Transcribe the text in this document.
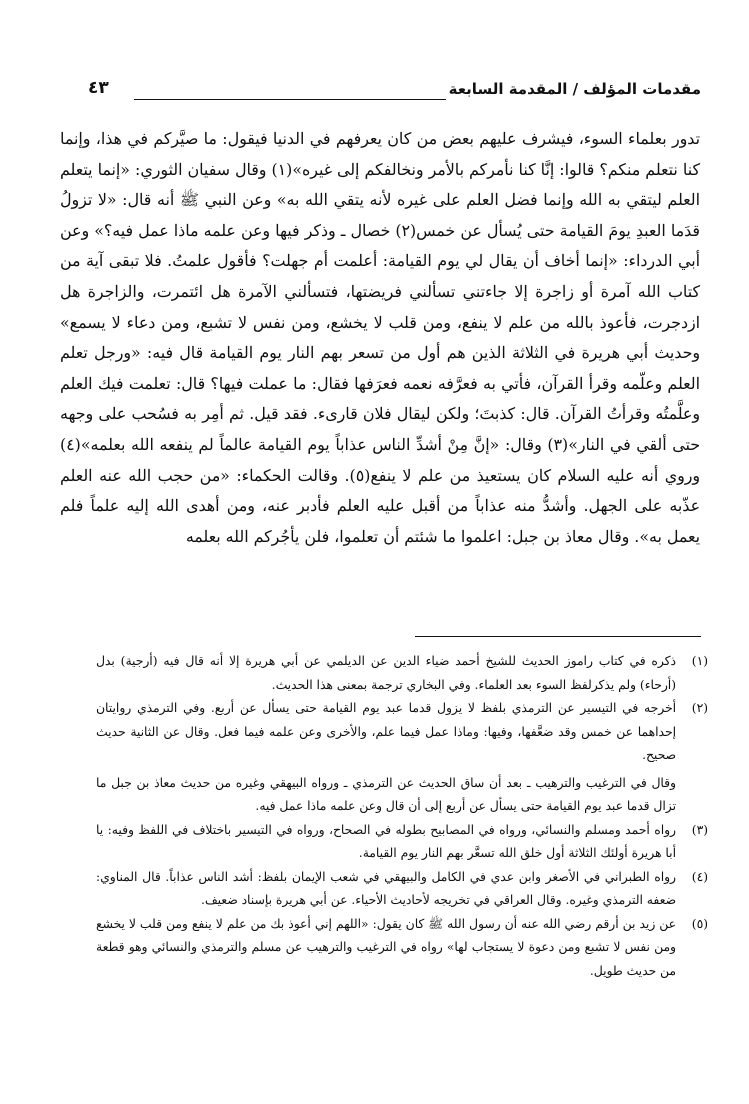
مقدمات المؤلف / المقدمة السابعة
٤٣

تدور بعلماء السوء، فيشرف عليهم بعض من كان يعرفهم في الدنيا فيقول: ما صيَّركم في هذا، وإنما كنا نتعلم منكم؟ قالوا: إنَّا كنا نأمركم بالأمر ونخالفكم إلى غيره»(١) وقال سفيان الثوري: «إنما يتعلم العلم ليتقي به الله وإنما فضل العلم على غيره لأنه يتقي الله به» وعن النبي ﷺ أنه قال: «لا تزولُ قدَما العبدِ يومَ القيامة حتى يُسأل عن خمس(٢) خصال ـ وذكر فيها وعن علمه ماذا عمل فيه؟» وعن أبي الدرداء: «إنما أخاف أن يقال لي يوم القيامة: أعلمت أم جهلت؟ فأقول علمتُ. فلا تبقى آية من كتاب الله آمرة أو زاجرة إلا جاءتني تسألني فريضتها، فتسألني الآمرة هل ائتمرت، والزاجرة هل ازدجرت، فأعوذ بالله من علم لا ينفع، ومن قلب لا يخشع، ومن نفس لا تشبع، ومن دعاء لا يسمع» وحديث أبي هريرة في الثلاثة الذين هم أول من تسعر بهم النار يوم القيامة قال فيه: «ورجل تعلم العلم وعلّمه وقرأ القرآن، فأتي به فعرَّفه نعمه فعرَفها فقال: ما عملت فيها؟ قال: تعلمت فيك العلم وعلَّمتُه وقرأتُ القرآن. قال: كذبتَ؛ ولكن ليقال فلان قارىء. فقد قيل. ثم أمِر به فسُحب على وجهه حتى ألقي في النار»(٣) وقال: «إنَّ مِنْ أشدِّ الناس عذاباً يوم القيامة عالماً لم ينفعه الله بعلمه»(٤) وروي أنه عليه السلام كان يستعيذ من علم لا ينفع(٥). وقالت الحكماء: «من حجب الله عنه العلم عذّبه على الجهل. وأشدُّ منه عذاباً من أقبل عليه العلم فأدبر عنه، ومن أهدى الله إليه علماً فلم يعمل به». وقال معاذ بن جبل: اعلموا ما شئتم أن تعلموا، فلن يأجُركم الله بعلمه

(١)
ذكره في كتاب راموز الحديث للشيخ أحمد ضياء الدين عن الديلمي عن أبي هريرة إلا أنه قال فيه (أرجية) بدل (أرحاء) ولم يذكرلفظ السوء بعد العلماء. وفي البخاري ترجمة بمعنى هذا الحديث.
(٢)
أخرجه في التيسير عن الترمذي بلفظ لا يزول قدما عبد يوم القيامة حتى يسأل عن أربع. وفي الترمذي روايتان إحداهما عن خمس وقد ضعَّفها، وفيها: وماذا عمل فيما علم، والأخرى وعن علمه فيما فعل. وقال عن الثانية حديث صحيح.
وقال في الترغيب والترهيب ـ بعد أن ساق الحديث عن الترمذي ـ ورواه البيهقي وغيره من حديث معاذ بن جبل ما تزال قدما عبد يوم القيامة حتى يسأل عن أربع إلى أن قال وعن علمه ماذا عمل فيه.
(٣)
رواه أحمد ومسلم والنسائي، ورواه في المصابيح بطوله في الصحاح، ورواه في التيسير باختلاف في اللفظ وفيه: يا أبا هريرة أولئك الثلاثة أول خلق الله تسعَّر بهم النار يوم القيامة.
(٤)
رواه الطبراني في الأصغر وابن عدي في الكامل والبيهقي في شعب الإيمان بلفظ: أشد الناس عذاباً. قال المناوي: ضعفه الترمذي وغيره. وقال العراقي في تخريجه لأحاديث الأحياء. عن أبي هريرة بإسناد ضعيف.
(٥)
عن زيد بن أرقم رضي الله عنه أن رسول الله ﷺ كان يقول: «اللهم إني أعوذ بك من علم لا ينفع ومن قلب لا يخشع ومن نفس لا تشبع ومن دعوة لا يستجاب لها» رواه في الترغيب والترهيب عن مسلم والترمذي والنسائي وهو قطعة من حديث طويل.
